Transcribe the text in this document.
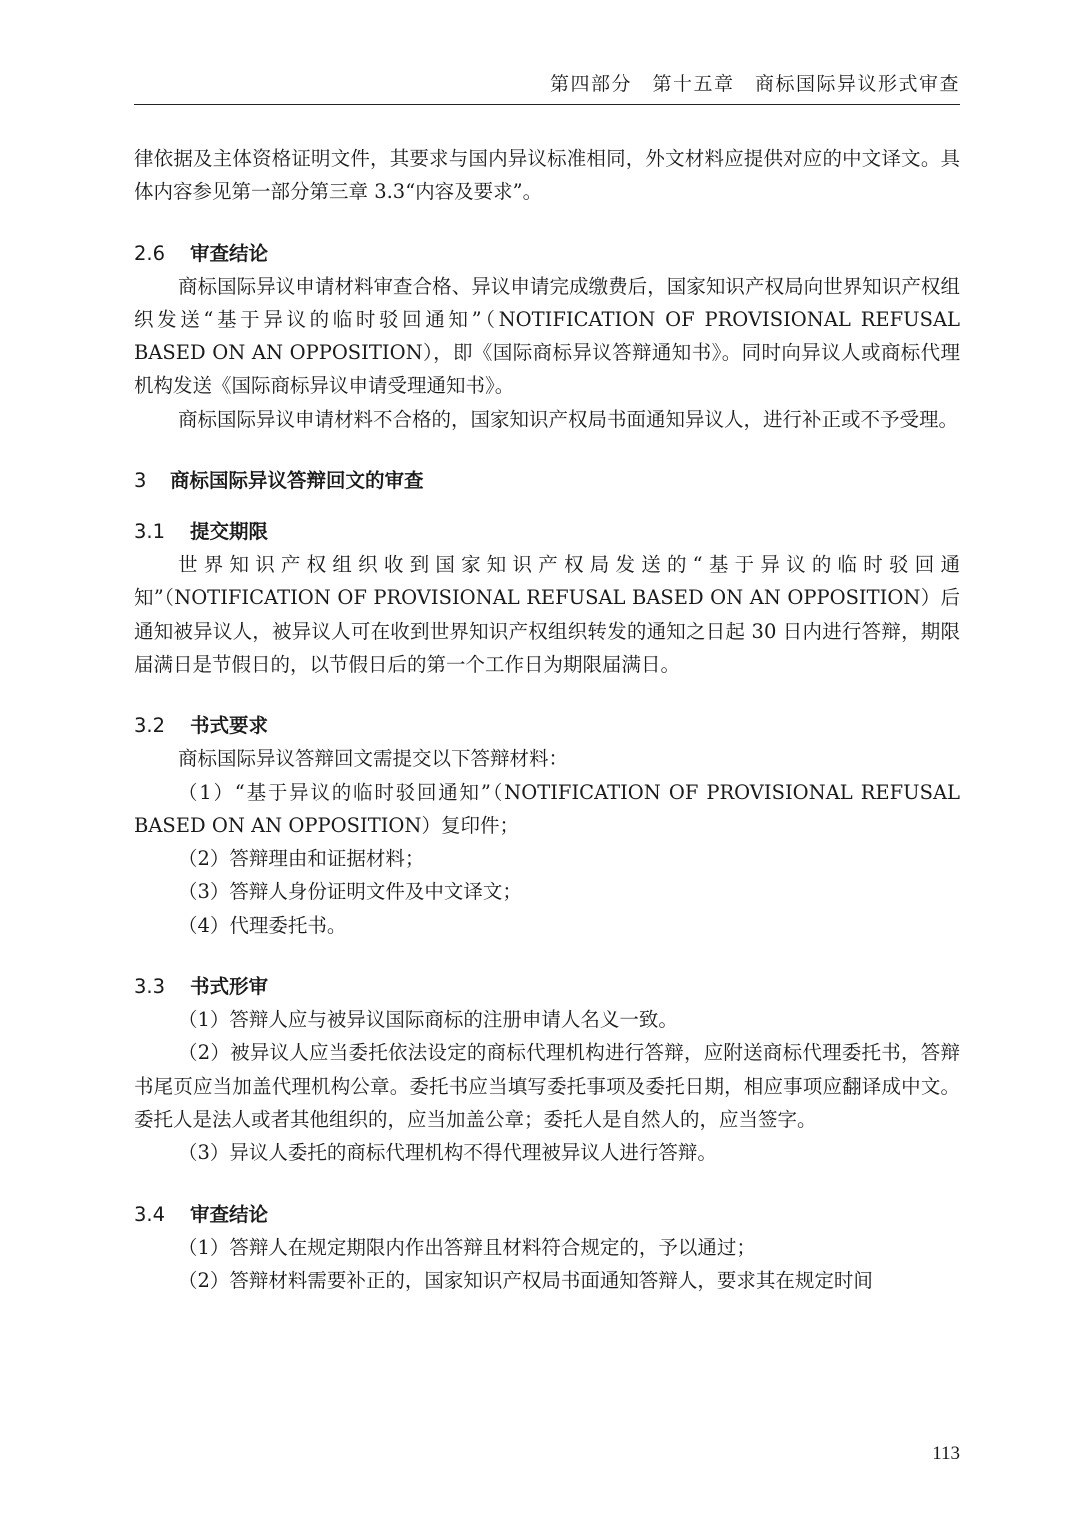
第四部分　第十五章　商标国际异议形式审查

律依据及主体资格证明文件，其要求与国内异议标准相同，外文材料应提供对应的中文译文。具体内容参见第一部分第三章 3.3“内容及要求”。

2.6 审查结论

商标国际异议申请材料审查合格、异议申请完成缴费后，国家知识产权局向世界知识产权组织发送“基于异议的临时驳回通知”（NOTIFICATION OF PROVISIONAL REFUSAL BASED ON AN OPPOSITION），即《国际商标异议答辩通知书》。同时向异议人或商标代理机构发送《国际商标异议申请受理通知书》。

商标国际异议申请材料不合格的，国家知识产权局书面通知异议人，进行补正或不予受理。

3 商标国际异议答辩回文的审查
3.1 提交期限

世界知识产权组织收到国家知识产权局发送的“基于异议的临时驳回通知”（NOTIFICATION OF PROVISIONAL REFUSAL BASED ON AN OPPOSITION）后通知被异议人，被异议人可在收到世界知识产权组织转发的通知之日起 30 日内进行答辩，期限届满日是节假日的，以节假日后的第一个工作日为期限届满日。

3.2 书式要求

商标国际异议答辩回文需提交以下答辩材料：

（1）“基于异议的临时驳回通知”（NOTIFICATION OF PROVISIONAL REFUSAL BASED ON AN OPPOSITION）复印件；

（2）答辩理由和证据材料；

（3）答辩人身份证明文件及中文译文；

（4）代理委托书。

3.3 书式形审

（1）答辩人应与被异议国际商标的注册申请人名义一致。

（2）被异议人应当委托依法设定的商标代理机构进行答辩，应附送商标代理委托书，答辩书尾页应当加盖代理机构公章。委托书应当填写委托事项及委托日期，相应事项应翻译成中文。委托人是法人或者其他组织的，应当加盖公章；委托人是自然人的，应当签字。

（3）异议人委托的商标代理机构不得代理被异议人进行答辩。

3.4 审查结论

（1）答辩人在规定期限内作出答辩且材料符合规定的，予以通过；

（2）答辩材料需要补正的，国家知识产权局书面通知答辩人，要求其在规定时间

113
